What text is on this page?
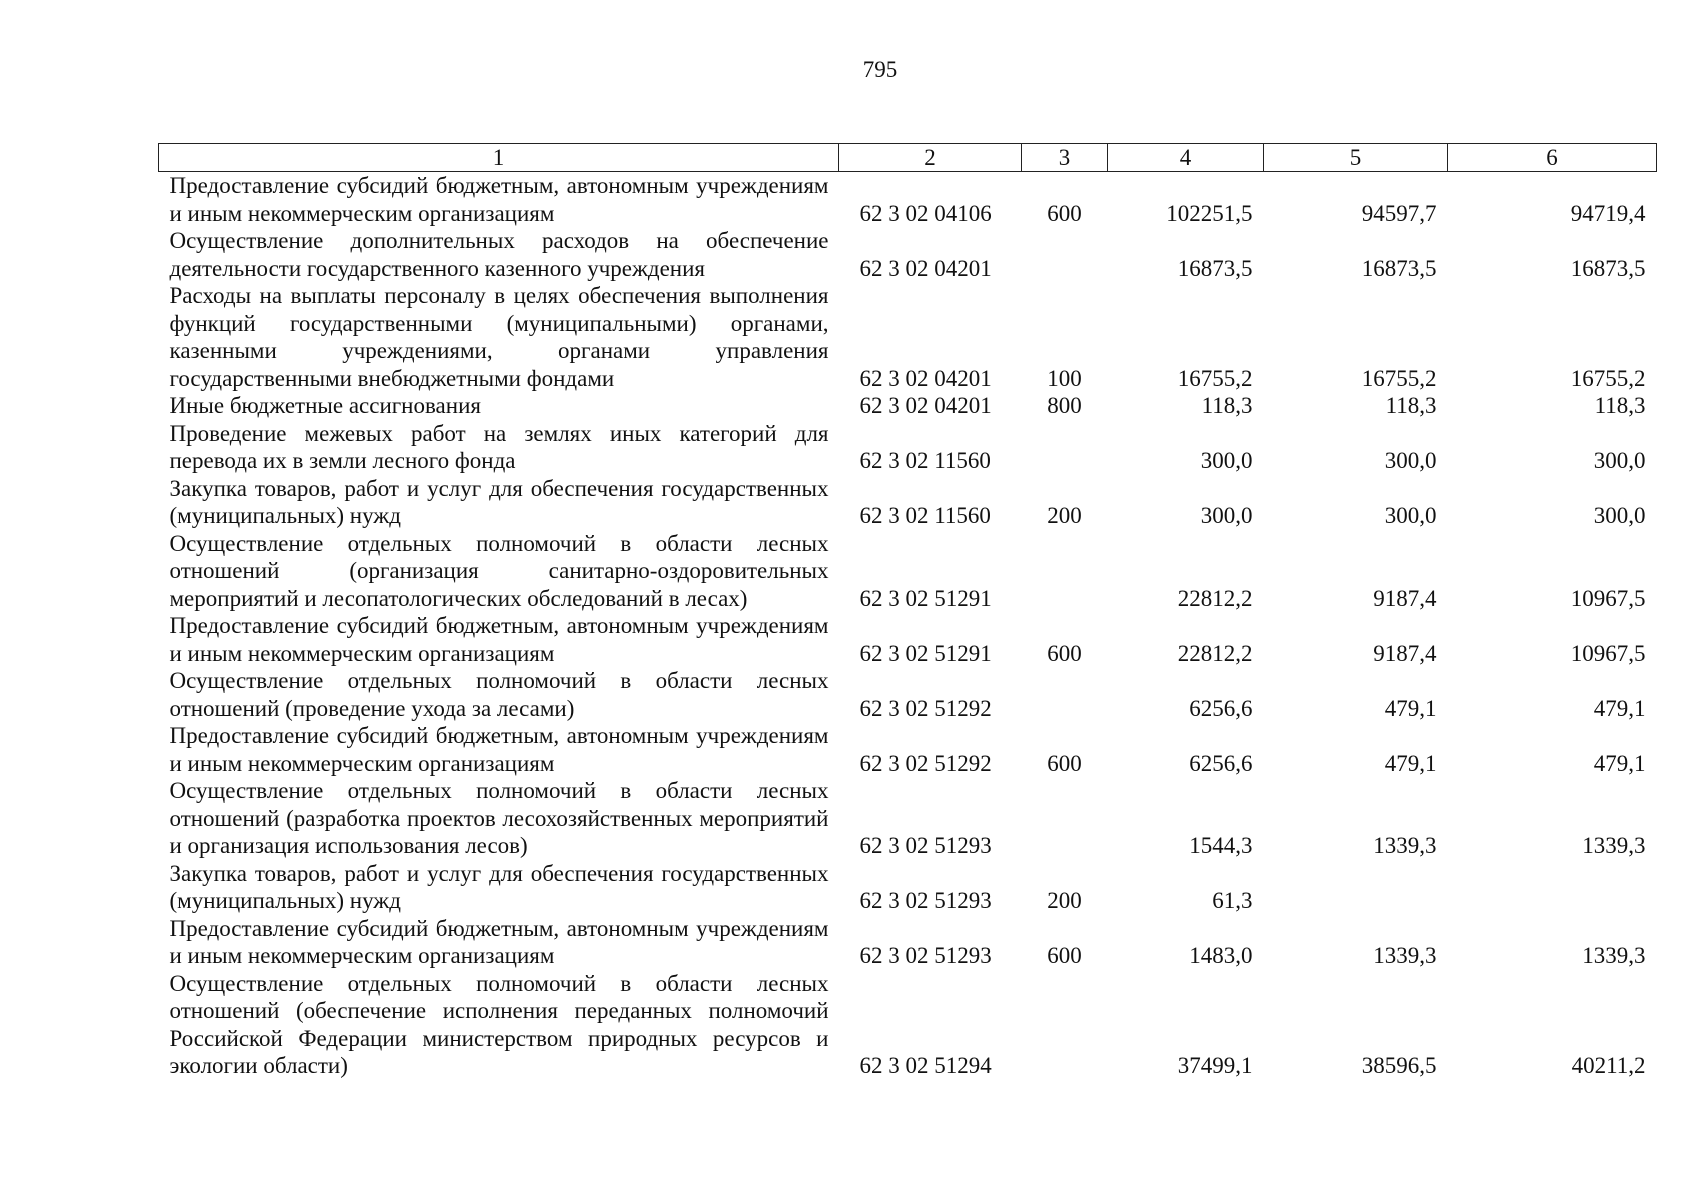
795
1	2	3	4	5	6
Предоставление субсидий бюджетным, автономным учреждениям и иным некоммерческим организациям	62 3 02 04106	600	102251,5	94597,7	94719,4
Осуществление дополнительных расходов на обеспечение деятельности государственного казенного учреждения	62 3 02 04201		16873,5	16873,5	16873,5
Расходы на выплаты персоналу в целях обеспечения выполнения функций государственными (муниципальными) органами, казенными учреждениями, органами управления государственными внебюджетными фондами	62 3 02 04201	100	16755,2	16755,2	16755,2
Иные бюджетные ассигнования	62 3 02 04201	800	118,3	118,3	118,3
Проведение межевых работ на землях иных категорий для перевода их в земли лесного фонда	62 3 02 11560		300,0	300,0	300,0
Закупка товаров, работ и услуг для обеспечения государственных (муниципальных) нужд	62 3 02 11560	200	300,0	300,0	300,0
Осуществление отдельных полномочий в области лесных отношений (организация санитарно-оздоровительных мероприятий и лесопатологических обследований в лесах)	62 3 02 51291		22812,2	9187,4	10967,5
Предоставление субсидий бюджетным, автономным учреждениям и иным некоммерческим организациям	62 3 02 51291	600	22812,2	9187,4	10967,5
Осуществление отдельных полномочий в области лесных отношений (проведение ухода за лесами)	62 3 02 51292		6256,6	479,1	479,1
Предоставление субсидий бюджетным, автономным учреждениям и иным некоммерческим организациям	62 3 02 51292	600	6256,6	479,1	479,1
Осуществление отдельных полномочий в области лесных отношений (разработка проектов лесохозяйственных мероприятий и организация использования лесов)	62 3 02 51293		1544,3	1339,3	1339,3
Закупка товаров, работ и услуг для обеспечения государственных (муниципальных) нужд	62 3 02 51293	200	61,3		
Предоставление субсидий бюджетным, автономным учреждениям и иным некоммерческим организациям	62 3 02 51293	600	1483,0	1339,3	1339,3
Осуществление отдельных полномочий в области лесных отношений (обеспечение исполнения переданных полномочий Российской Федерации министерством природных ресурсов и экологии области)	62 3 02 51294		37499,1	38596,5	40211,2
